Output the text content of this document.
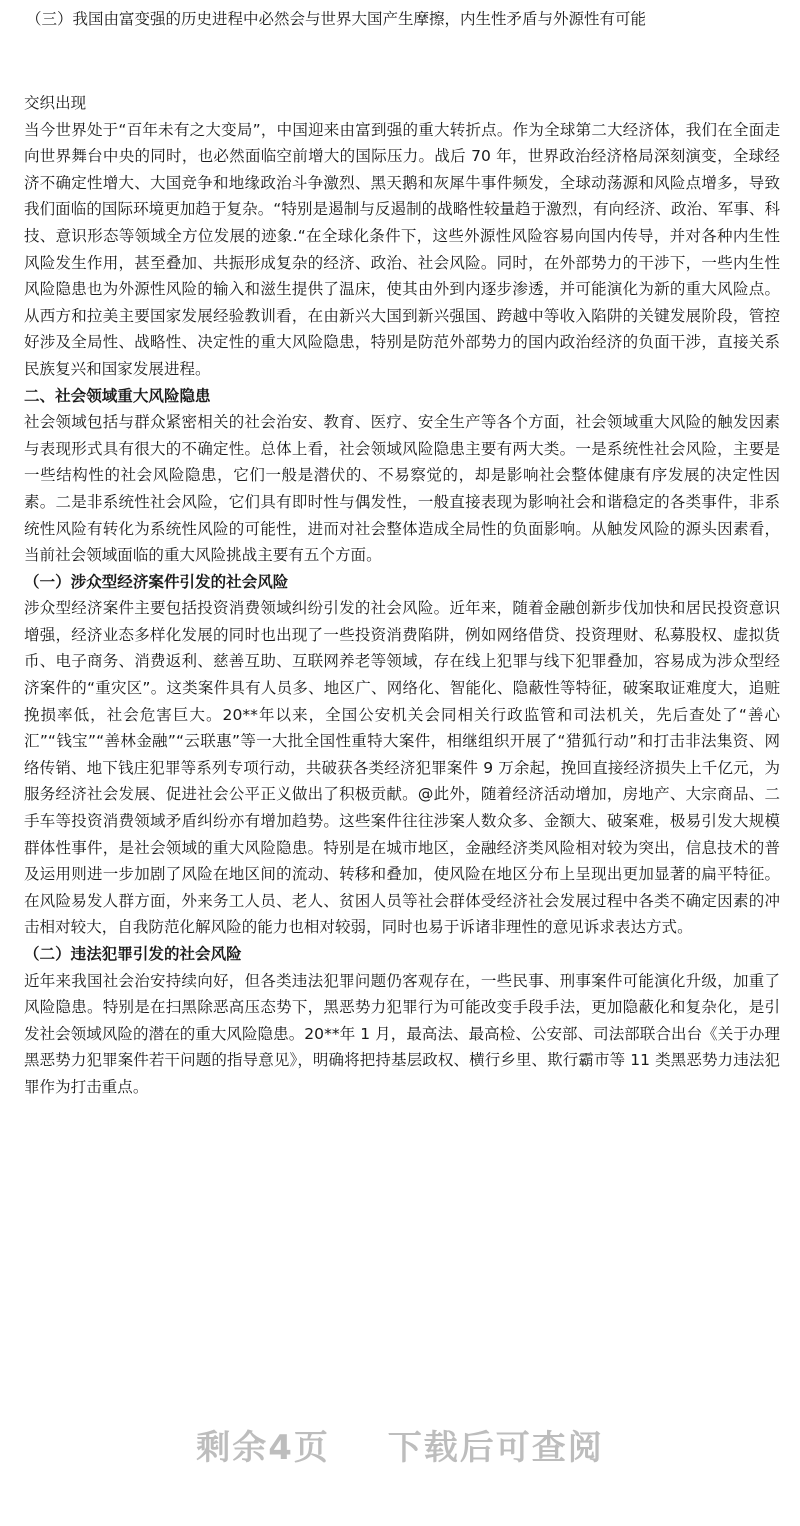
（三）我国由富变强的历史进程中必然会与世界大国产生摩擦，内生性矛盾与外源性有可能

交织出现

当今世界处于“百年未有之大变局”，中国迎来由富到强的重大转折点。作为全球第二大经济体，我们在全面走向世界舞台中央的同时，也必然面临空前增大的国际压力。战后 70 年，世界政治经济格局深刻演变，全球经济不确定性增大、大国竞争和地缘政治斗争激烈、黑天鹅和灰犀牛事件频发，全球动荡源和风险点增多，导致我们面临的国际环境更加趋于复杂。“特别是遏制与反遏制的战略性较量趋于激烈，有向经济、政治、军事、科技、意识形态等领域全方位发展的迹象.“在全球化条件下，这些外源性风险容易向国内传导，并对各种内生性风险发生作用，甚至叠加、共振形成复杂的经济、政治、社会风险。同时，在外部势力的干涉下，一些内生性风险隐患也为外源性风险的输入和滋生提供了温床，使其由外到内逐步渗透，并可能演化为新的重大风险点。从西方和拉美主要国家发展经验教训看，在由新兴大国到新兴强国、跨越中等收入陷阱的关键发展阶段，管控好涉及全局性、战略性、决定性的重大风险隐患，特别是防范外部势力的国内政治经济的负面干涉，直接关系民族复兴和国家发展进程。

二、社会领域重大风险隐患

社会领域包括与群众紧密相关的社会治安、教育、医疗、安全生产等各个方面，社会领域重大风险的触发因素与表现形式具有很大的不确定性。总体上看，社会领域风险隐患主要有两大类。一是系统性社会风险，主要是一些结构性的社会风险隐患，它们一般是潜伏的、不易察觉的，却是影响社会整体健康有序发展的决定性因素。二是非系统性社会风险，它们具有即时性与偶发性，一般直接表现为影响社会和谐稳定的各类事件，非系统性风险有转化为系统性风险的可能性，进而对社会整体造成全局性的负面影响。从触发风险的源头因素看，当前社会领域面临的重大风险挑战主要有五个方面。

（一）涉众型经济案件引发的社会风险

涉众型经济案件主要包括投资消费领域纠纷引发的社会风险。近年来，随着金融创新步伐加快和居民投资意识增强，经济业态多样化发展的同时也出现了一些投资消费陷阱，例如网络借贷、投资理财、私募股权、虚拟货币、电子商务、消费返利、慈善互助、互联网养老等领域，存在线上犯罪与线下犯罪叠加，容易成为涉众型经济案件的“重灾区”。这类案件具有人员多、地区广、网络化、智能化、隐蔽性等特征，破案取证难度大，追赃挽损率低，社会危害巨大。20**年以来，全国公安机关会同相关行政监管和司法机关，先后查处了“善心汇”“钱宝”“善林金融”“云联惠”等一大批全国性重特大案件，相继组织开展了“猎狐行动”和打击非法集资、网络传销、地下钱庄犯罪等系列专项行动，共破获各类经济犯罪案件 9 万余起，挽回直接经济损失上千亿元，为服务经济社会发展、促进社会公平正义做出了积极贡献。@此外，随着经济活动增加，房地产、大宗商品、二手车等投资消费领域矛盾纠纷亦有增加趋势。这些案件往往涉案人数众多、金额大、破案难，极易引发大规模群体性事件，是社会领域的重大风险隐患。特别是在城市地区，金融经济类风险相对较为突出，信息技术的普及运用则进一步加剧了风险在地区间的流动、转移和叠加，使风险在地区分布上呈现出更加显著的扁平特征。在风险易发人群方面，外来务工人员、老人、贫困人员等社会群体受经济社会发展过程中各类不确定因素的冲击相对较大，自我防范化解风险的能力也相对较弱，同时也易于诉诸非理性的意见诉求表达方式。

（二）违法犯罪引发的社会风险

近年来我国社会治安持续向好，但各类违法犯罪问题仍客观存在，一些民事、刑事案件可能演化升级，加重了风险隐患。特别是在扫黑除恶高压态势下，黑恶势力犯罪行为可能改变手段手法，更加隐蔽化和复杂化，是引发社会领域风险的潜在的重大风险隐患。20**年 1 月，最高法、最高检、公安部、司法部联合出台《关于办理黑恶势力犯罪案件若干问题的指导意见》，明确将把持基层政权、横行乡里、欺行霸市等 11 类黑恶势力违法犯罪作为打击重点。

剩余4页 下载后可查阅
